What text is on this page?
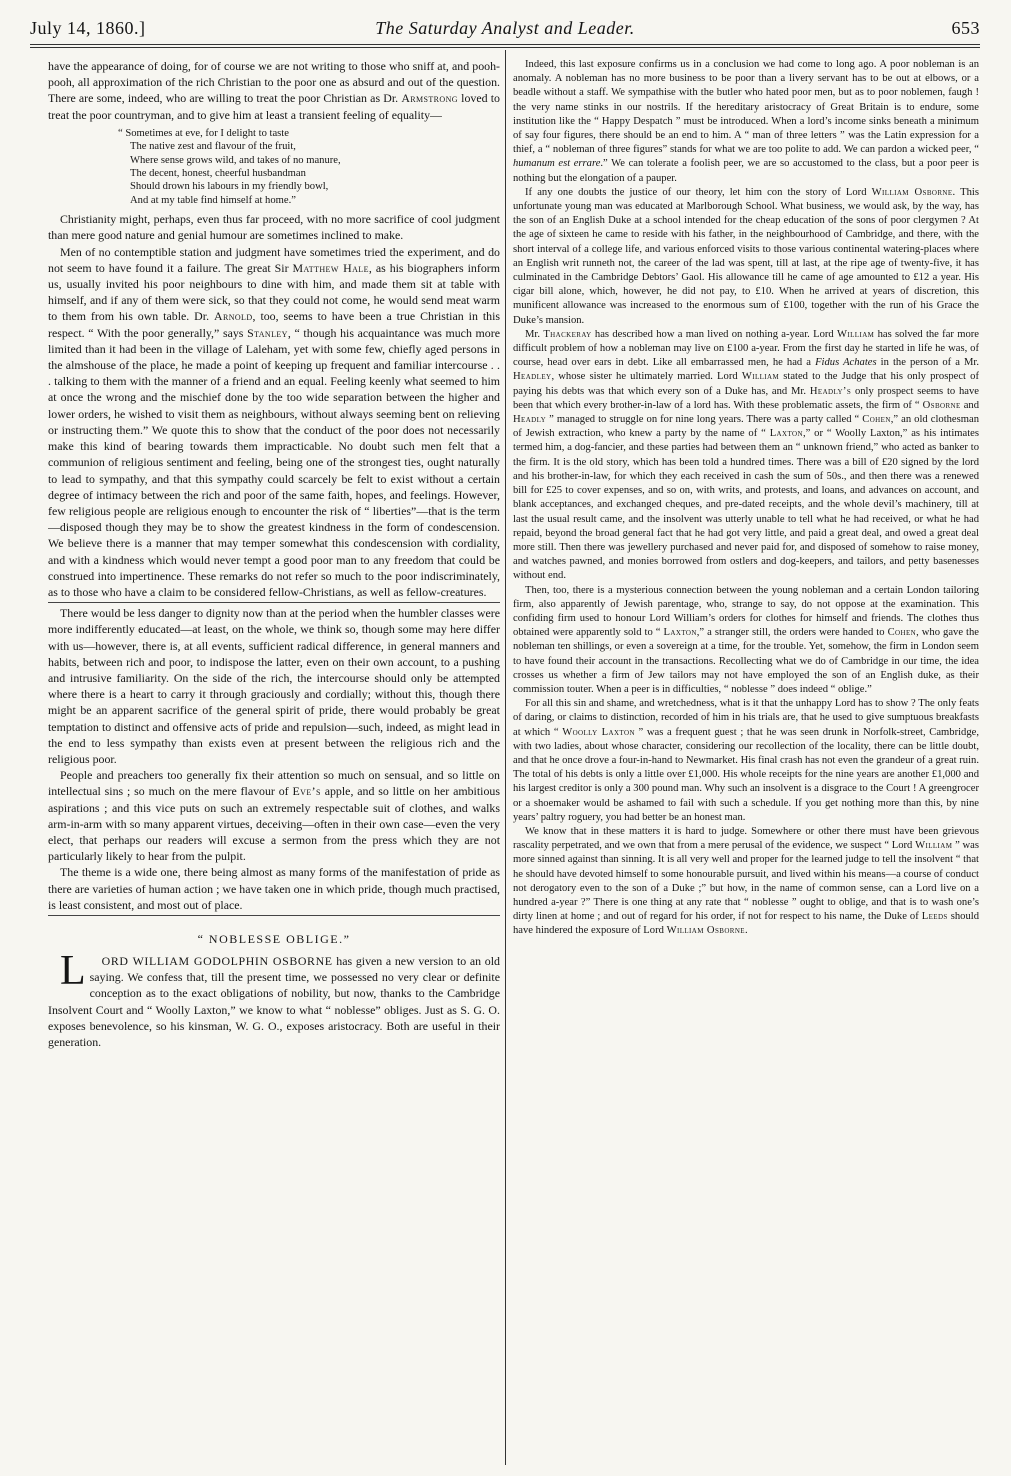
July 14, 1860.]	The Saturday Analyst and Leader.	653

have the appearance of doing, for of course we are not writing to those who sniff at, and pooh-pooh, all approximation of the rich Christian to the poor one as absurd and out of the question. There are some, indeed, who are willing to treat the poor Christian as Dr. Armstrong loved to treat the poor countryman, and to give him at least a transient feeling of equality—

“ Sometimes at eve, for I delight to taste
The native zest and flavour of the fruit,
Where sense grows wild, and takes of no manure,
The decent, honest, cheerful husbandman
Should drown his labours in my friendly bowl,
And at my table find himself at home.”

Christianity might, perhaps, even thus far proceed, with no more sacrifice of cool judgment than mere good nature and genial humour are sometimes inclined to make.

Men of no contemptible station and judgment have sometimes tried the experiment, and do not seem to have found it a failure. The great Sir Matthew Hale, as his biographers inform us, usually invited his poor neighbours to dine with him, and made them sit at table with himself, and if any of them were sick, so that they could not come, he would send meat warm to them from his own table. Dr. Arnold, too, seems to have been a true Christian in this respect. “ With the poor generally,” says Stanley, “ though his acquaintance was much more limited than it had been in the village of Laleham, yet with some few, chiefly aged persons in the almshouse of the place, he made a point of keeping up frequent and familiar intercourse . . . talking to them with the manner of a friend and an equal. Feeling keenly what seemed to him at once the wrong and the mischief done by the too wide separation between the higher and lower orders, he wished to visit them as neighbours, without always seeming bent on relieving or instructing them.” We quote this to show that the conduct of the poor does not necessarily make this kind of bearing towards them impracticable. No doubt such men felt that a communion of religious sentiment and feeling, being one of the strongest ties, ought naturally to lead to sympathy, and that this sympathy could scarcely be felt to exist without a certain degree of intimacy between the rich and poor of the same faith, hopes, and feelings. However, few religious people are religious enough to encounter the risk of “ liberties”—that is the term—disposed though they may be to show the greatest kindness in the form of condescension. We believe there is a manner that may temper somewhat this condescension with cordiality, and with a kindness which would never tempt a good poor man to any freedom that could be construed into impertinence. These remarks do not refer so much to the poor indiscriminately, as to those who have a claim to be considered fellow-Christians, as well as fellow-creatures.

There would be less danger to dignity now than at the period when the humbler classes were more indifferently educated—at least, on the whole, we think so, though some may here differ with us—however, there is, at all events, sufficient radical difference, in general manners and habits, between rich and poor, to indispose the latter, even on their own account, to a pushing and intrusive familiarity. On the side of the rich, the intercourse should only be attempted where there is a heart to carry it through graciously and cordially; without this, though there might be an apparent sacrifice of the general spirit of pride, there would probably be great temptation to distinct and offensive acts of pride and repulsion—such, indeed, as might lead in the end to less sympathy than exists even at present between the religious rich and the religious poor.

People and preachers too generally fix their attention so much on sensual, and so little on intellectual sins ; so much on the mere flavour of Eve’s apple, and so little on her ambitious aspirations ; and this vice puts on such an extremely respectable suit of clothes, and walks arm-in-arm with so many apparent virtues, deceiving—often in their own case—even the very elect, that perhaps our readers will excuse a sermon from the press which they are not particularly likely to hear from the pulpit.

The theme is a wide one, there being almost as many forms of the manifestation of pride as there are varieties of human action ; we have taken one in which pride, though much practised, is least consistent, and most out of place.

“ NOBLESSE OBLIGE.”

L ORD WILLIAM GODOLPHIN OSBORNE has given a new version to an old saying. We confess that, till the present time, we possessed no very clear or definite conception as to the exact obligations of nobility, but now, thanks to the Cambridge Insolvent Court and “ Woolly Laxton,” we know to what “ noblesse” obliges. Just as S. G. O. exposes benevolence, so his kinsman, W. G. O., exposes aristocracy. Both are useful in their generation.

Indeed, this last exposure confirms us in a conclusion we had come to long ago. A poor nobleman is an anomaly. A nobleman has no more business to be poor than a livery servant has to be out at elbows, or a beadle without a staff. We sympathise with the butler who hated poor men, but as to poor noblemen, faugh ! the very name stinks in our nostrils. If the hereditary aristocracy of Great Britain is to endure, some institution like the “ Happy Despatch ” must be introduced. When a lord’s income sinks beneath a minimum of say four figures, there should be an end to him. A “ man of three letters ” was the Latin expression for a thief, a “ nobleman of three figures” stands for what we are too polite to add. We can pardon a wicked peer, “ humanum est errare.” We can tolerate a foolish peer, we are so accustomed to the class, but a poor peer is nothing but the elongation of a pauper.

If any one doubts the justice of our theory, let him con the story of Lord William Osborne. This unfortunate young man was educated at Marlborough School. What business, we would ask, by the way, has the son of an English Duke at a school intended for the cheap education of the sons of poor clergymen ? At the age of sixteen he came to reside with his father, in the neighbourhood of Cambridge, and there, with the short interval of a college life, and various enforced visits to those various continental watering-places where an English writ runneth not, the career of the lad was spent, till at last, at the ripe age of twenty-five, it has culminated in the Cambridge Debtors’ Gaol. His allowance till he came of age amounted to £12 a year. His cigar bill alone, which, however, he did not pay, to £10. When he arrived at years of discretion, this munificent allowance was increased to the enormous sum of £100, together with the run of his Grace the Duke’s mansion.

Mr. Thackeray has described how a man lived on nothing a-year. Lord William has solved the far more difficult problem of how a nobleman may live on £100 a-year. From the first day he started in life he was, of course, head over ears in debt. Like all embarrassed men, he had a Fidus Achates in the person of a Mr. Headley, whose sister he ultimately married. Lord William stated to the Judge that his only prospect of paying his debts was that which every son of a Duke has, and Mr. Headly’s only prospect seems to have been that which every brother-in-law of a lord has. With these problematic assets, the firm of “ Osborne and Headly ” managed to struggle on for nine long years. There was a party called “ Cohen,” an old clothesman of Jewish extraction, who knew a party by the name of “ Laxton,” or “ Woolly Laxton,” as his intimates termed him, a dog-fancier, and these parties had between them an “ unknown friend,” who acted as banker to the firm. It is the old story, which has been told a hundred times. There was a bill of £20 signed by the lord and his brother-in-law, for which they each received in cash the sum of 50s., and then there was a renewed bill for £25 to cover expenses, and so on, with writs, and protests, and loans, and advances on account, and blank acceptances, and exchanged cheques, and pre-dated receipts, and the whole devil’s machinery, till at last the usual result came, and the insolvent was utterly unable to tell what he had received, or what he had repaid, beyond the broad general fact that he had got very little, and paid a great deal, and owed a great deal more still. Then there was jewellery purchased and never paid for, and disposed of somehow to raise money, and watches pawned, and monies borrowed from ostlers and dog-keepers, and tailors, and petty basenesses without end.

Then, too, there is a mysterious connection between the young nobleman and a certain London tailoring firm, also apparently of Jewish parentage, who, strange to say, do not oppose at the examination. This confiding firm used to honour Lord William’s orders for clothes for himself and friends. The clothes thus obtained were apparently sold to “ Laxton,” a stranger still, the orders were handed to Cohen, who gave the nobleman ten shillings, or even a sovereign at a time, for the trouble. Yet, somehow, the firm in London seem to have found their account in the transactions. Recollecting what we do of Cambridge in our time, the idea crosses us whether a firm of Jew tailors may not have employed the son of an English duke, as their commission touter. When a peer is in difficulties, “ noblesse ” does indeed “ oblige.”

For all this sin and shame, and wretchedness, what is it that the unhappy Lord has to show ? The only feats of daring, or claims to distinction, recorded of him in his trials are, that he used to give sumptuous breakfasts at which “ Woolly Laxton ” was a frequent guest ; that he was seen drunk in Norfolk-street, Cambridge, with two ladies, about whose character, considering our recollection of the locality, there can be little doubt, and that he once drove a four-in-hand to Newmarket. His final crash has not even the grandeur of a great ruin. The total of his debts is only a little over £1,000. His whole receipts for the nine years are another £1,000 and his largest creditor is only a 300 pound man. Why such an insolvent is a disgrace to the Court ! A greengrocer or a shoemaker would be ashamed to fail with such a schedule. If you get nothing more than this, by nine years’ paltry roguery, you had better be an honest man.

We know that in these matters it is hard to judge. Somewhere or other there must have been grievous rascality perpetrated, and we own that from a mere perusal of the evidence, we suspect “ Lord William ” was more sinned against than sinning. It is all very well and proper for the learned judge to tell the insolvent “ that he should have devoted himself to some honourable pursuit, and lived within his means—a course of conduct not derogatory even to the son of a Duke ;” but how, in the name of common sense, can a Lord live on a hundred a-year ?” There is one thing at any rate that “ noblesse ” ought to oblige, and that is to wash one’s dirty linen at home ; and out of regard for his order, if not for respect to his name, the Duke of Leeds should have hindered the exposure of Lord William Osborne.
